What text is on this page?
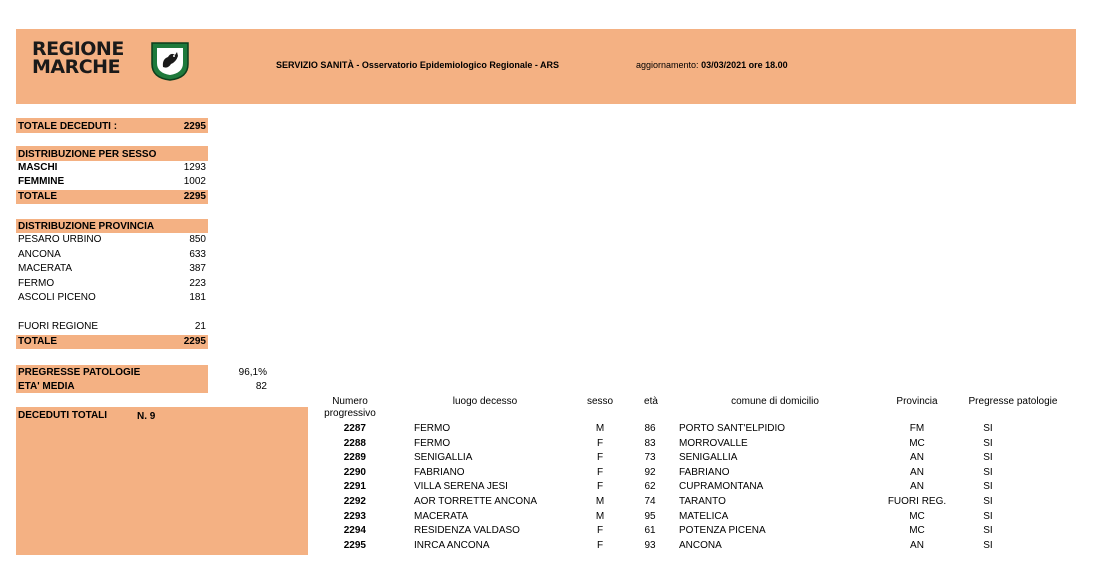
REGIONE
MARCHE	SERVIZIO SANITÀ - Osservatorio Epidemiologico Regionale - ARS	aggiornamento: 03/03/2021 ore 18.00
TOTALE DECEDUTI :	2295
DISTRIBUZIONE PER SESSO
MASCHI	1293
FEMMINE	1002
TOTALE	2295
DISTRIBUZIONE PROVINCIA
PESARO URBINO	850
ANCONA	633
MACERATA	387
FERMO	223
ASCOLI PICENO	181
FUORI REGIONE	21
TOTALE	2295
PREGRESSE PATOLOGIE	96,1%
ETA' MEDIA	82
DECEDUTI TOTALI	N. 9
Numero
progressivo
luogo decesso	sesso	età	comune di domicilio	Provincia	Pregresse patologie
2287	FERMO	M	86	PORTO SANT'ELPIDIO	FM	SI
2288	FERMO	F	83	MORROVALLE	MC	SI
2289	SENIGALLIA	F	73	SENIGALLIA	AN	SI
2290	FABRIANO	F	92	FABRIANO	AN	SI
2291	VILLA SERENA JESI	F	62	CUPRAMONTANA	AN	SI
2292	AOR TORRETTE ANCONA	M	74	TARANTO	FUORI REG.	SI
2293	MACERATA	M	95	MATELICA	MC	SI
2294	RESIDENZA VALDASO	F	61	POTENZA PICENA	MC	SI
2295	INRCA ANCONA	F	93	ANCONA	AN	SI
